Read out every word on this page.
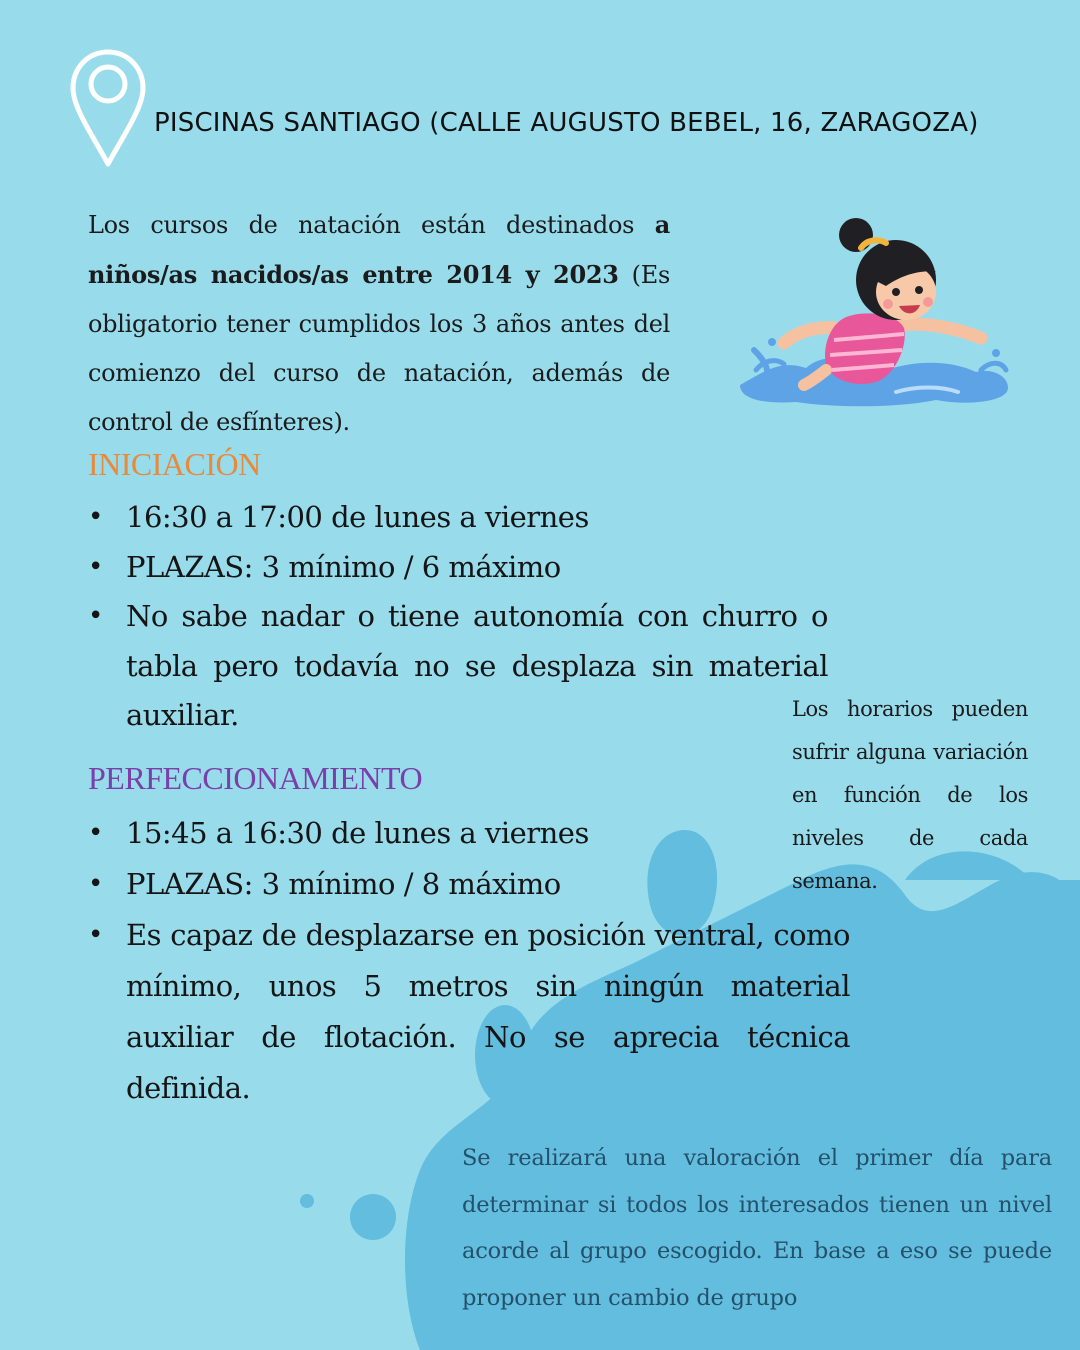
PISCINAS SANTIAGO (CALLE AUGUSTO BEBEL, 16, ZARAGOZA)
Los cursos de natación están destinados a niños/as nacidos/as entre 2014 y 2023 (Es obligatorio tener cumplidos los 3 años antes del comienzo del curso de natación, además de control de esfínteres).
INICIACIÓN
• 16:30 a 17:00 de lunes a viernes
• PLAZAS: 3 mínimo / 6 máximo
• No sabe nadar o tiene autonomía con churro o tabla pero todavía no se desplaza sin material auxiliar.	Los horarios pueden sufrir alguna variación en función de los niveles de cada semana.
PERFECCIONAMIENTO
• 15:45 a 16:30 de lunes a viernes
• PLAZAS: 3 mínimo / 8 máximo
• Es capaz de desplazarse en posición ventral, como mínimo, unos 5 metros sin ningún material auxiliar de flotación. No se aprecia técnica definida.
Se realizará una valoración el primer día para determinar si todos los interesados tienen un nivel acorde al grupo escogido. En base a eso se puede proponer un cambio de grupo
